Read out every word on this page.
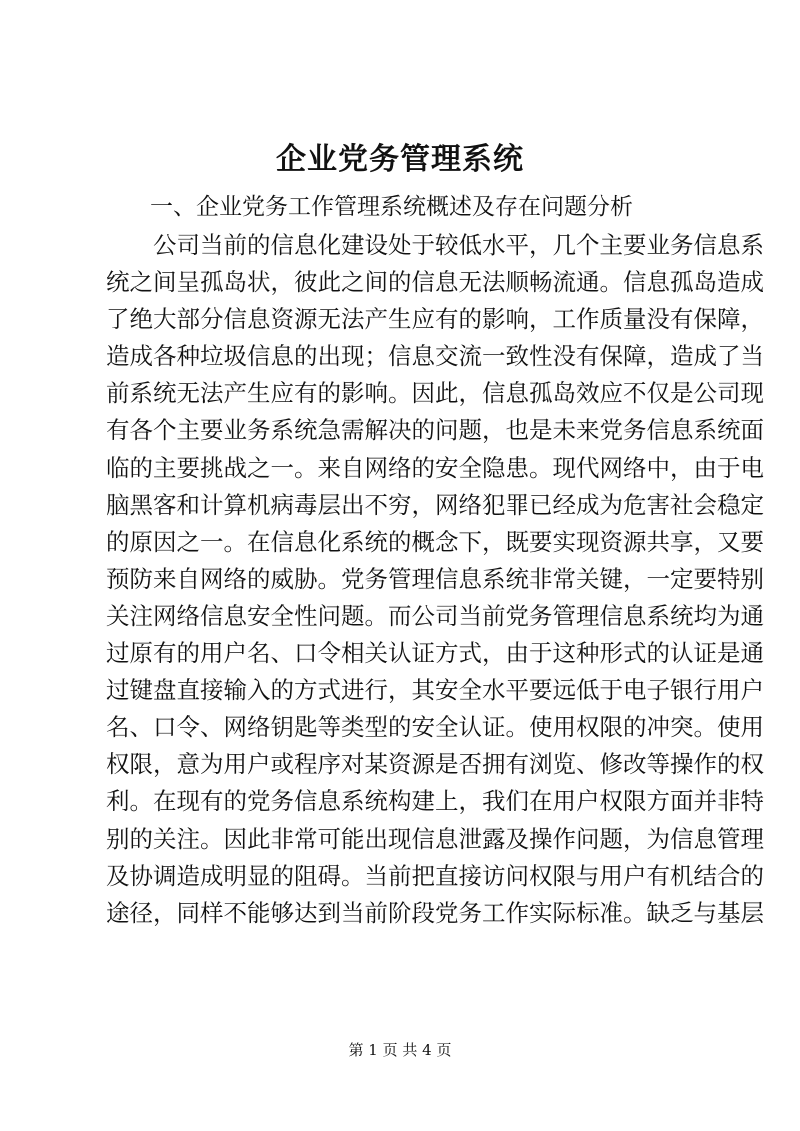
企业党务管理系统
一、企业党务工作管理系统概述及存在问题分析
　　公司当前的信息化建设处于较低水平，几个主要业务信息系
统之间呈孤岛状，彼此之间的信息无法顺畅流通。信息孤岛造成
了绝大部分信息资源无法产生应有的影响，工作质量没有保障，
造成各种垃圾信息的出现；信息交流一致性没有保障，造成了当
前系统无法产生应有的影响。因此，信息孤岛效应不仅是公司现
有各个主要业务系统急需解决的问题，也是未来党务信息系统面
临的主要挑战之一。来自网络的安全隐患。现代网络中，由于电
脑黑客和计算机病毒层出不穷，网络犯罪已经成为危害社会稳定
的原因之一。在信息化系统的概念下，既要实现资源共享，又要
预防来自网络的威胁。党务管理信息系统非常关键，一定要特别
关注网络信息安全性问题。而公司当前党务管理信息系统均为通
过原有的用户名、口令相关认证方式，由于这种形式的认证是通
过键盘直接输入的方式进行，其安全水平要远低于电子银行用户
名、口令、网络钥匙等类型的安全认证。使用权限的冲突。使用
权限，意为用户或程序对某资源是否拥有浏览、修改等操作的权
利。在现有的党务信息系统构建上，我们在用户权限方面并非特
别的关注。因此非常可能出现信息泄露及操作问题，为信息管理
及协调造成明显的阻碍。当前把直接访问权限与用户有机结合的
途径，同样不能够达到当前阶段党务工作实际标准。缺乏与基层
第 1 页 共 4 页
